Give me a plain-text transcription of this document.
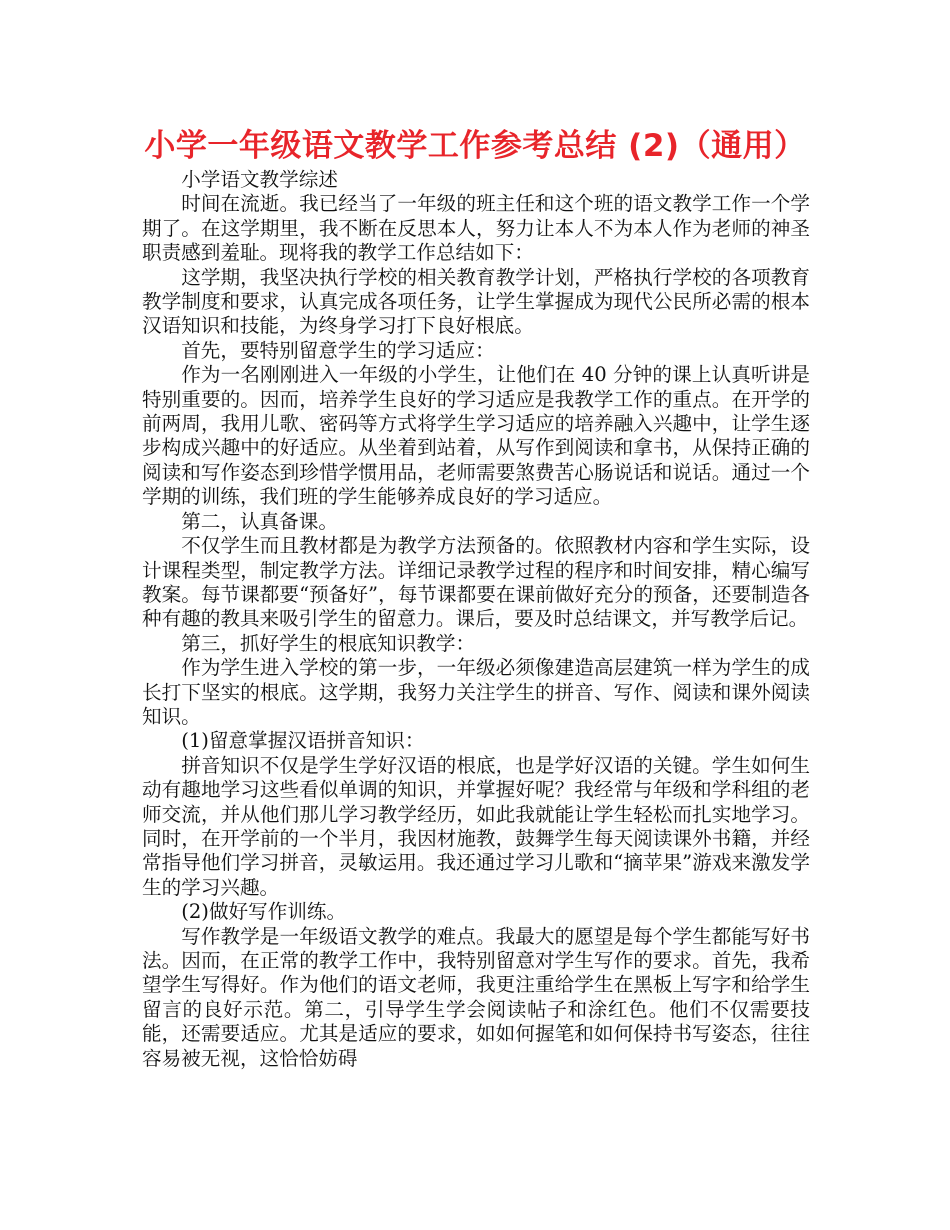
小学一年级语文教学工作参考总结 (2)（通用）

小学语文教学综述

时间在流逝。我已经当了一年级的班主任和这个班的语文教学工作一个学期了。在这学期里，我不断在反思本人，努力让本人不为本人作为老师的神圣职责感到羞耻。现将我的教学工作总结如下：

这学期，我坚决执行学校的相关教育教学计划，严格执行学校的各项教育教学制度和要求，认真完成各项任务，让学生掌握成为现代公民所必需的根本汉语知识和技能，为终身学习打下良好根底。

首先，要特别留意学生的学习适应：

作为一名刚刚进入一年级的小学生，让他们在 40 分钟的课上认真听讲是特别重要的。因而，培养学生良好的学习适应是我教学工作的重点。在开学的前两周，我用儿歌、密码等方式将学生学习适应的培养融入兴趣中，让学生逐步构成兴趣中的好适应。从坐着到站着，从写作到阅读和拿书，从保持正确的阅读和写作姿态到珍惜学惯用品，老师需要煞费苦心肠说话和说话。通过一个学期的训练，我们班的学生能够养成良好的学习适应。

第二，认真备课。

不仅学生而且教材都是为教学方法预备的。依照教材内容和学生实际，设计课程类型，制定教学方法。详细记录教学过程的程序和时间安排，精心编写教案。每节课都要“预备好”，每节课都要在课前做好充分的预备，还要制造各种有趣的教具来吸引学生的留意力。课后，要及时总结课文，并写教学后记。

第三，抓好学生的根底知识教学：

作为学生进入学校的第一步，一年级必须像建造高层建筑一样为学生的成长打下坚实的根底。这学期，我努力关注学生的拼音、写作、阅读和课外阅读知识。

(1)留意掌握汉语拼音知识：

拼音知识不仅是学生学好汉语的根底，也是学好汉语的关键。学生如何生动有趣地学习这些看似单调的知识，并掌握好呢？我经常与年级和学科组的老师交流，并从他们那儿学习教学经历，如此我就能让学生轻松而扎实地学习。同时，在开学前的一个半月，我因材施教，鼓舞学生每天阅读课外书籍，并经常指导他们学习拼音，灵敏运用。我还通过学习儿歌和“摘苹果”游戏来激发学生的学习兴趣。

(2)做好写作训练。

写作教学是一年级语文教学的难点。我最大的愿望是每个学生都能写好书法。因而，在正常的教学工作中，我特别留意对学生写作的要求。首先，我希望学生写得好。作为他们的语文老师，我更注重给学生在黑板上写字和给学生留言的良好示范。第二，引导学生学会阅读帖子和涂红色。他们不仅需要技能，还需要适应。尤其是适应的要求，如如何握笔和如何保持书写姿态，往往容易被无视，这恰恰妨碍
